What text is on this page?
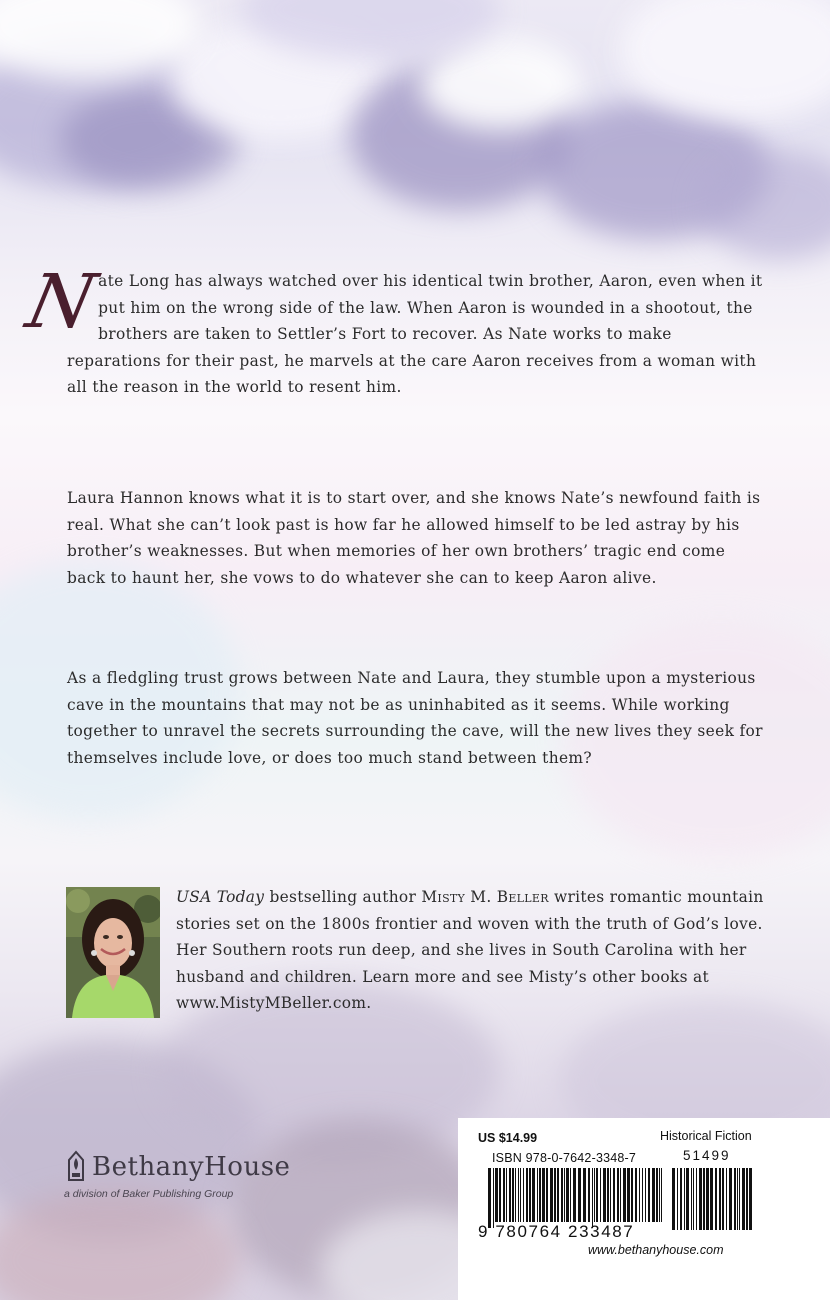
N
ate Long has always watched over his identical twin brother, Aaron, even when it put him on the wrong side of the law. When Aaron is wounded in a shootout, the brothers are taken to Settler’s Fort to recover. As Nate works to make reparations for their past, he marvels at the care Aaron receives from a woman with all the reason in the world to resent him.

Laura Hannon knows what it is to start over, and she knows Nate’s newfound faith is real. What she can’t look past is how far he allowed himself to be led astray by his brother’s weaknesses. But when memories of her own brothers’ tragic end come back to haunt her, she vows to do whatever she can to keep Aaron alive.

As a fledgling trust grows between Nate and Laura, they stumble upon a mysterious cave in the mountains that may not be as uninhabited as it seems. While working together to unravel the secrets surrounding the cave, will the new lives they seek for themselves include love, or does too much stand between them?

USA Today bestselling author Misty M. Beller writes romantic mountain stories set on the 1800s frontier and woven with the truth of God’s love. Her Southern roots run deep, and she lives in South Carolina with her husband and children. Learn more and see Misty’s other books at www.MistyMBeller.com.

BethanyHouse
a division of Baker Publishing Group
US $14.99	Historical Fiction
ISBN 978-0-7642-3348-7	51499
9 780764 233487
www.bethanyhouse.com
